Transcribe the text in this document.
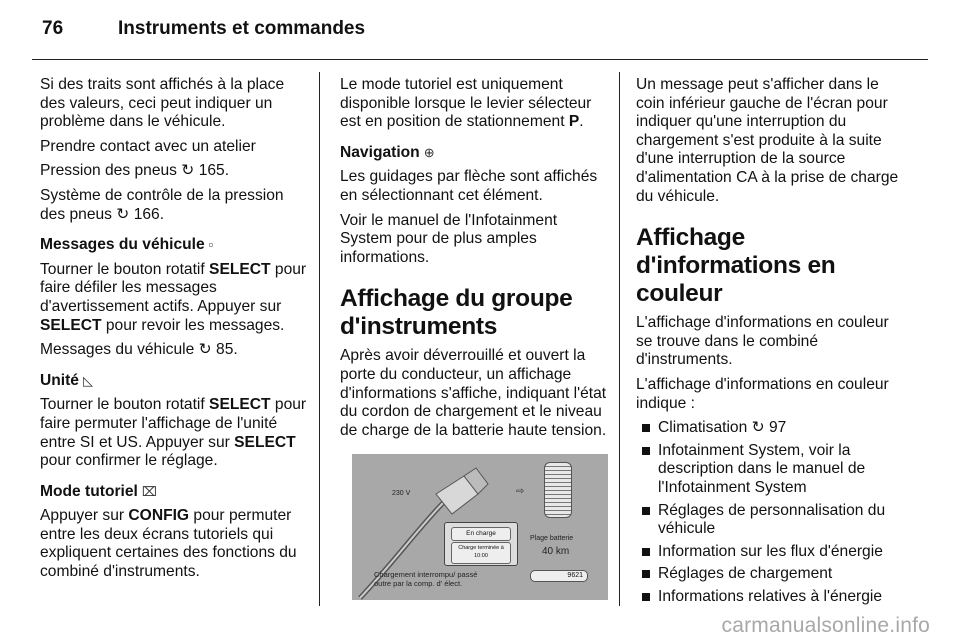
76	Instruments et commandes

Si des traits sont affichés à la place des valeurs, ceci peut indiquer un problème dans le véhicule.

Prendre contact avec un atelier

Pression des pneus ↻ 165.

Système de contrôle de la pression des pneus ↻ 166.

Messages du véhicule ▫

Tourner le bouton rotatif SELECT pour faire défiler les messages d'avertissement actifs. Appuyer sur SELECT pour revoir les messages.

Messages du véhicule ↻ 85.

Unité ◺

Tourner le bouton rotatif SELECT pour faire permuter l'affichage de l'unité entre SI et US. Appuyer sur SELECT pour confirmer le réglage.

Mode tutoriel ⌧

Appuyer sur CONFIG pour permuter entre les deux écrans tutoriels qui expliquent certaines des fonctions du combiné d'instruments.

Le mode tutoriel est uniquement disponible lorsque le levier sélecteur est en position de stationnement P.

Navigation ⊕

Les guidages par flèche sont affichés en sélectionnant cet élément.

Voir le manuel de l'Infotainment System pour de plus amples informations.

Affichage du groupe d'instruments

Après avoir déverrouillé et ouvert la porte du conducteur, un affichage d'informations s'affiche, indiquant l'état du cordon de chargement et le niveau de charge de la batterie haute tension.

230 V	⇨
En charge
Charge terminée à
10:00
Plage batterie
40 km
Chargement interrompu/ passé
outre par la comp. d' élect.
9621

Un message peut s'afficher dans le coin inférieur gauche de l'écran pour indiquer qu'une interruption du chargement s'est produite à la suite d'une interruption de la source d'alimentation CA à la prise de charge du véhicule.

Affichage d'informations en couleur

L'affichage d'informations en couleur se trouve dans le combiné d'instruments.

L'affichage d'informations en couleur indique :

Climatisation ↻ 97
Infotainment System, voir la description dans le manuel de l'Infotainment System
Réglages de personnalisation du véhicule
Information sur les flux d'énergie
Réglages de chargement
Informations relatives à l'énergie
carmanualsonline.info
